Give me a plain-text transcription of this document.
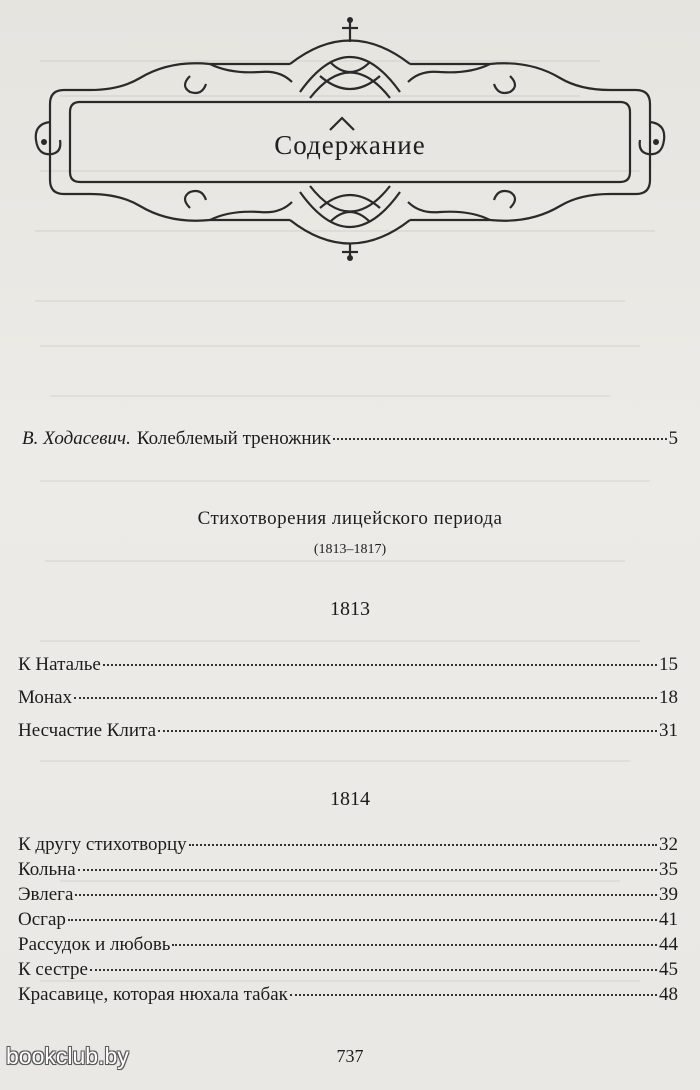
Содержание
В. Ходасевич. Колеблемый треножник	5
Стихотворения лицейского периода
(1813–1817)
1813
К Наталье	15
Монах	18
Несчастие Клита	31
1814
К другу стихотворцу	32
Кольна	35
Эвлега	39
Осгар	41
Рассудок и любовь	44
К сестре	45
Красавице, которая нюхала табак	48
737
bookclub.by
